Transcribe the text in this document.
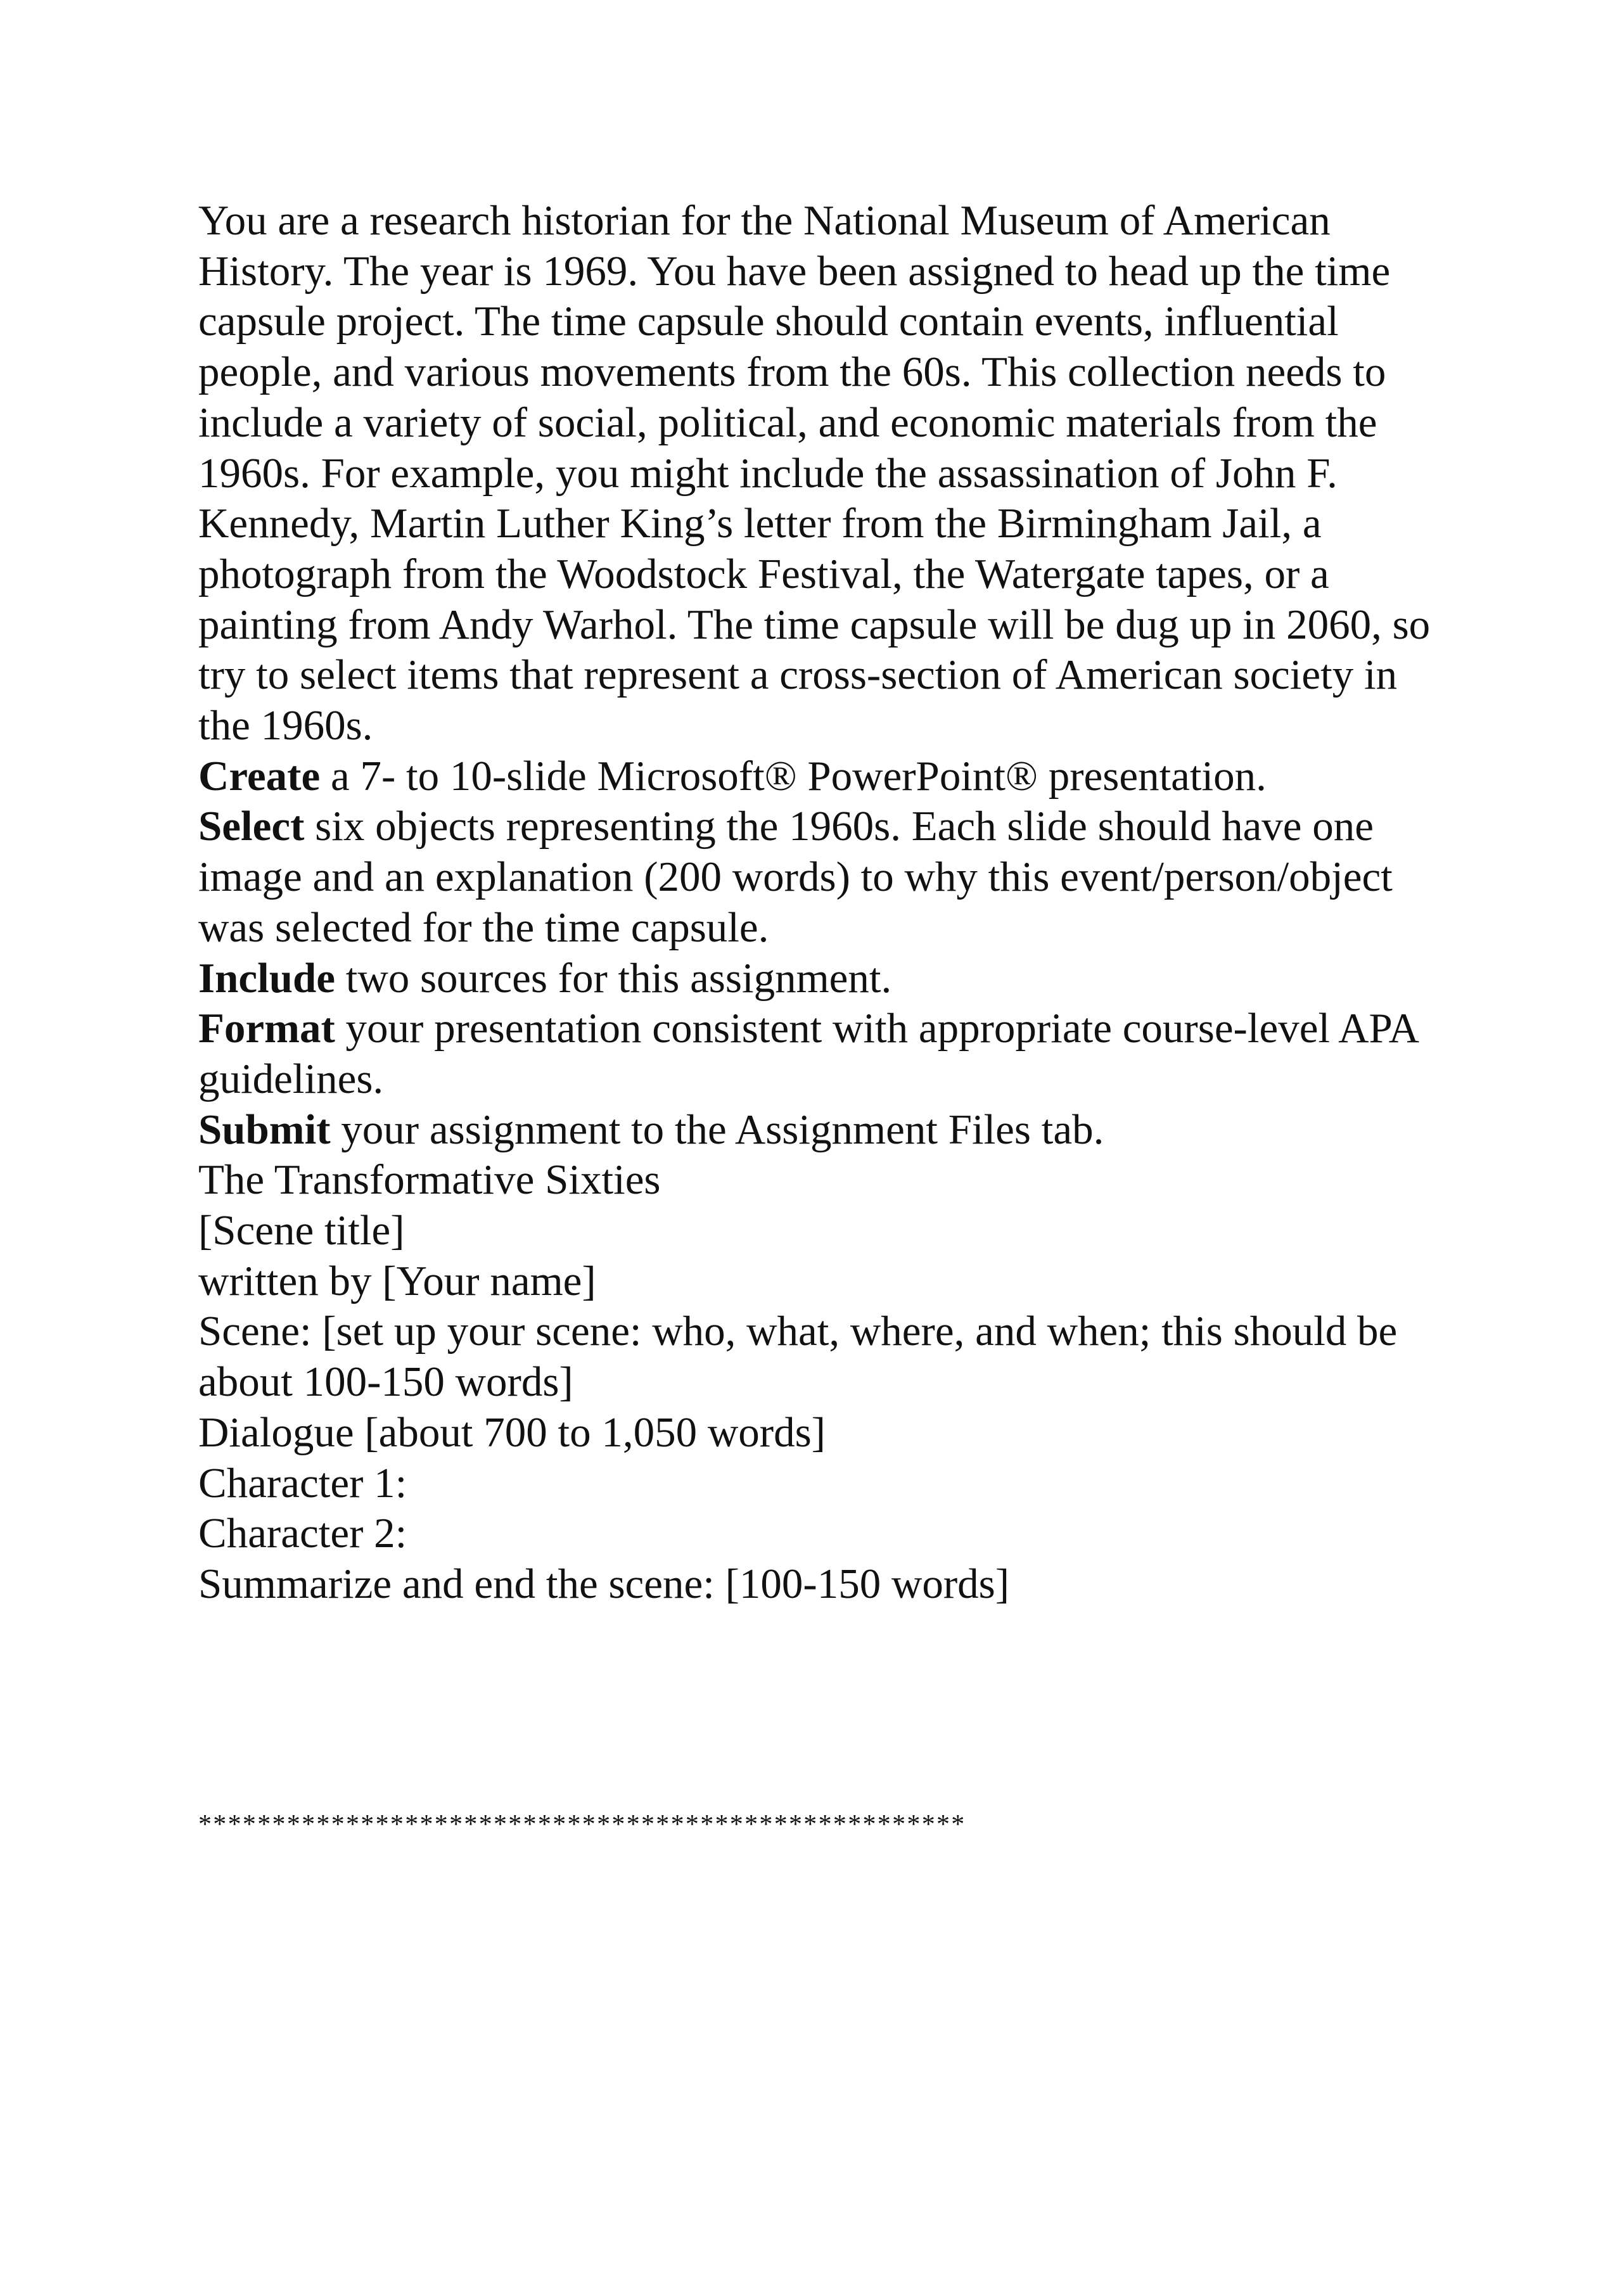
You are a research historian for the National Museum of American History. The year is 1969. You have been assigned to head up the time capsule project. The time capsule should contain events, influential people, and various movements from the 60s. This collection needs to include a variety of social, political, and economic materials from the 1960s. For example, you might include the assassination of John F. Kennedy, Martin Luther King’s letter from the Birmingham Jail, a photograph from the Woodstock Festival, the Watergate tapes, or a painting from Andy Warhol. The time capsule will be dug up in 2060, so try to select items that represent a cross-section of American society in the 1960s.

Create a 7- to 10-slide Microsoft® PowerPoint® presentation.

Select six objects representing the 1960s. Each slide should have one image and an explanation (200 words) to why this event/person/object was selected for the time capsule.

Include two sources for this assignment.

Format your presentation consistent with appropriate course-level APA guidelines.

Submit your assignment to the Assignment Files tab.

The Transformative Sixties

[Scene title]

written by [Your name]

Scene: [set up your scene: who, what, where, and when; this should be about 100-150 words]

Dialogue [about 700 to 1,050 words]

Character 1:

Character 2:

Summarize and end the scene: [100-150 words]

****************************************************
